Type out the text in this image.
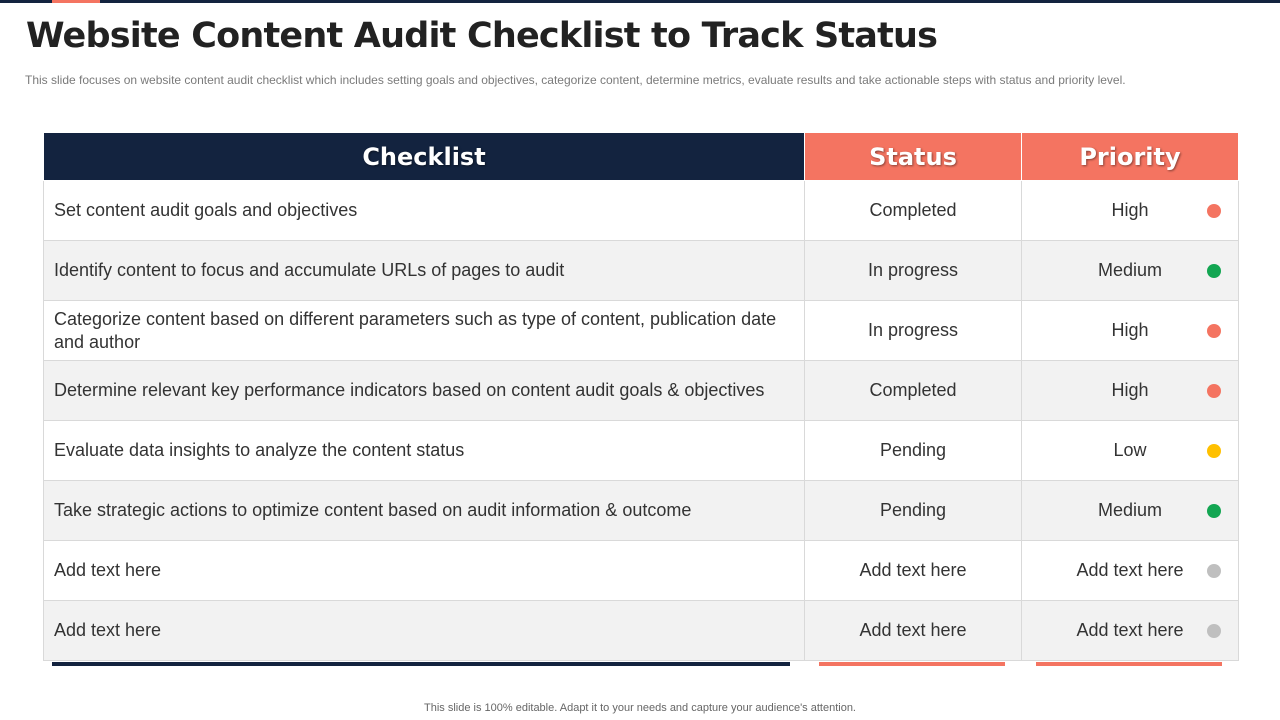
Website Content Audit Checklist to Track Status

This slide focuses on website content audit checklist which includes setting goals and objectives, categorize content, determine metrics, evaluate results and take actionable steps with status and priority level.

Checklist	Status	Priority
Set content audit goals and objectives	Completed	High

Identify content to focus and accumulate URLs of pages to audit	In progress	Medium

Categorize content based on different parameters such as type of content, publication date and author	In progress	High

Determine relevant key performance indicators based on content audit goals & objectives	Completed	High

Evaluate data insights to analyze the content status	Pending	Low

Take strategic actions to optimize content based on audit information & outcome	Pending	Medium

Add text here	Add text here	Add text here

Add text here	Add text here	Add text here
This slide is 100% editable. Adapt it to your needs and capture your audience's attention.
